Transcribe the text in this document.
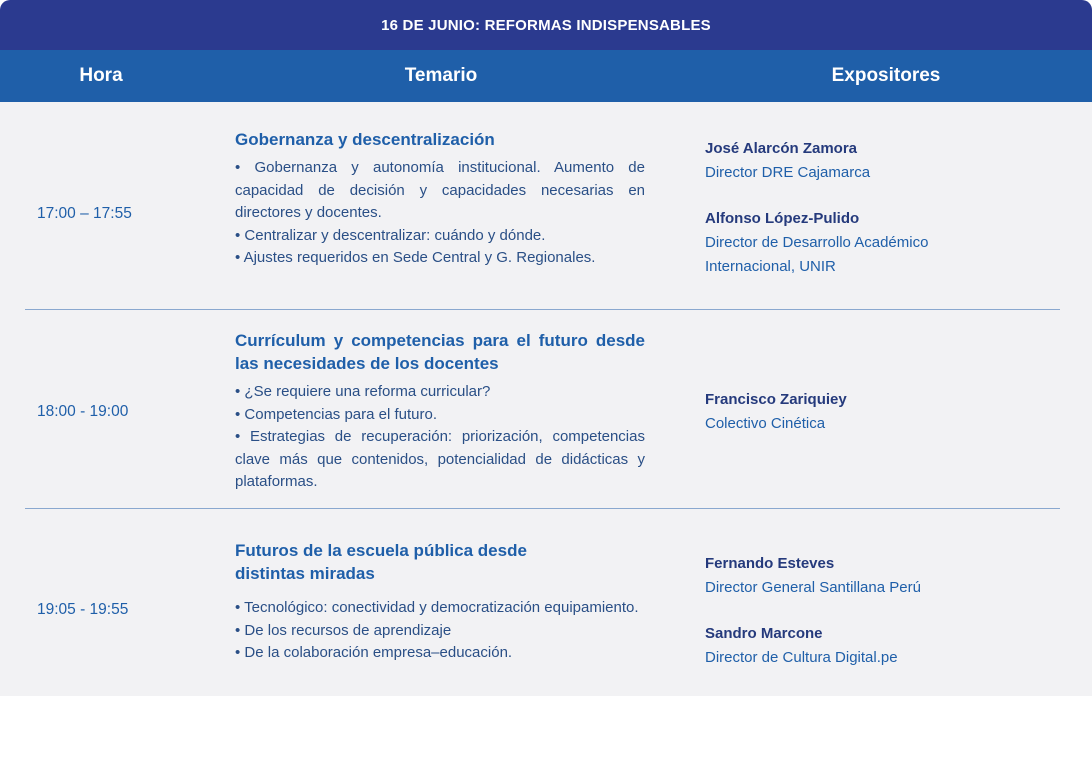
16 DE JUNIO: REFORMAS INDISPENSABLES
Hora	Temario	Expositores
17:00 – 17:55
Gobernanza y descentralización
• Gobernanza y autonomía institucional. Aumento de capacidad de decisión y capacidades necesarias en directores y docentes.
• Centralizar y descentralizar: cuándo y dónde.
• Ajustes requeridos en Sede Central y G. Regionales.
José Alarcón Zamora
Director DRE Cajamarca
Alfonso López-Pulido
Director de Desarrollo Académico Internacional, UNIR
18:00 - 19:00
Currículum y competencias para el futuro desde las necesidades de los docentes
• ¿Se requiere una reforma curricular?
• Competencias para el futuro.
• Estrategias de recuperación: priorización, competencias clave más que contenidos, potencialidad de didácticas y plataformas.
Francisco Zariquiey
Colectivo Cinética
19:05 - 19:55
Futuros de la escuela pública desde distintas miradas
• Tecnológico: conectividad y democratización equipamiento.
• De los recursos de aprendizaje
• De la colaboración empresa–educación.
Fernando Esteves
Director General Santillana Perú
Sandro Marcone
Director de Cultura Digital.pe
